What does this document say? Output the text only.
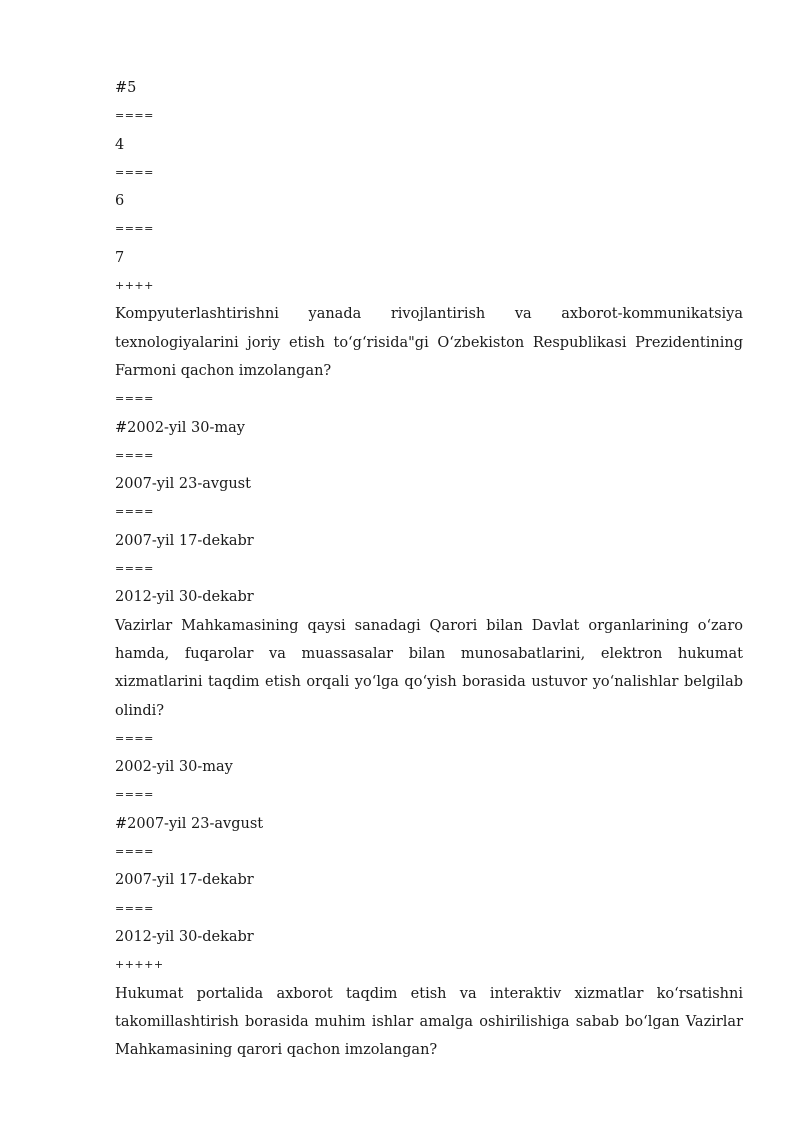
#5
====
4
====
6
====
7
++++

Kompyuterlashtirishni yanada rivojlantirish va axborot-kommunikatsiya texnologiyalarini joriy etish to‘g‘risida"gi O‘zbekiston Respublikasi Prezidentining Farmoni qachon imzolangan?

====
#2002-yil 30-may
====
2007-yil 23-avgust
====
2007-yil 17-dekabr
====
2012-yil 30-dekabr

Vazirlar Mahkamasining qaysi sanadagi Qarori bilan Davlat organlarining o‘zaro hamda, fuqarolar va muassasalar bilan munosabatlarini, elektron hukumat xizmatlarini taqdim etish orqali yo‘lga qo‘yish borasida ustuvor yo‘nalishlar belgilab olindi?

====
2002-yil 30-may
====
#2007-yil 23-avgust
====
2007-yil 17-dekabr
====
2012-yil 30-dekabr
+++++

Hukumat portalida axborot taqdim etish va interaktiv xizmatlar ko‘rsatishni takomillashtirish borasida muhim ishlar amalga oshirilishiga sabab bo‘lgan Vazirlar Mahkamasining qarori qachon imzolangan?
